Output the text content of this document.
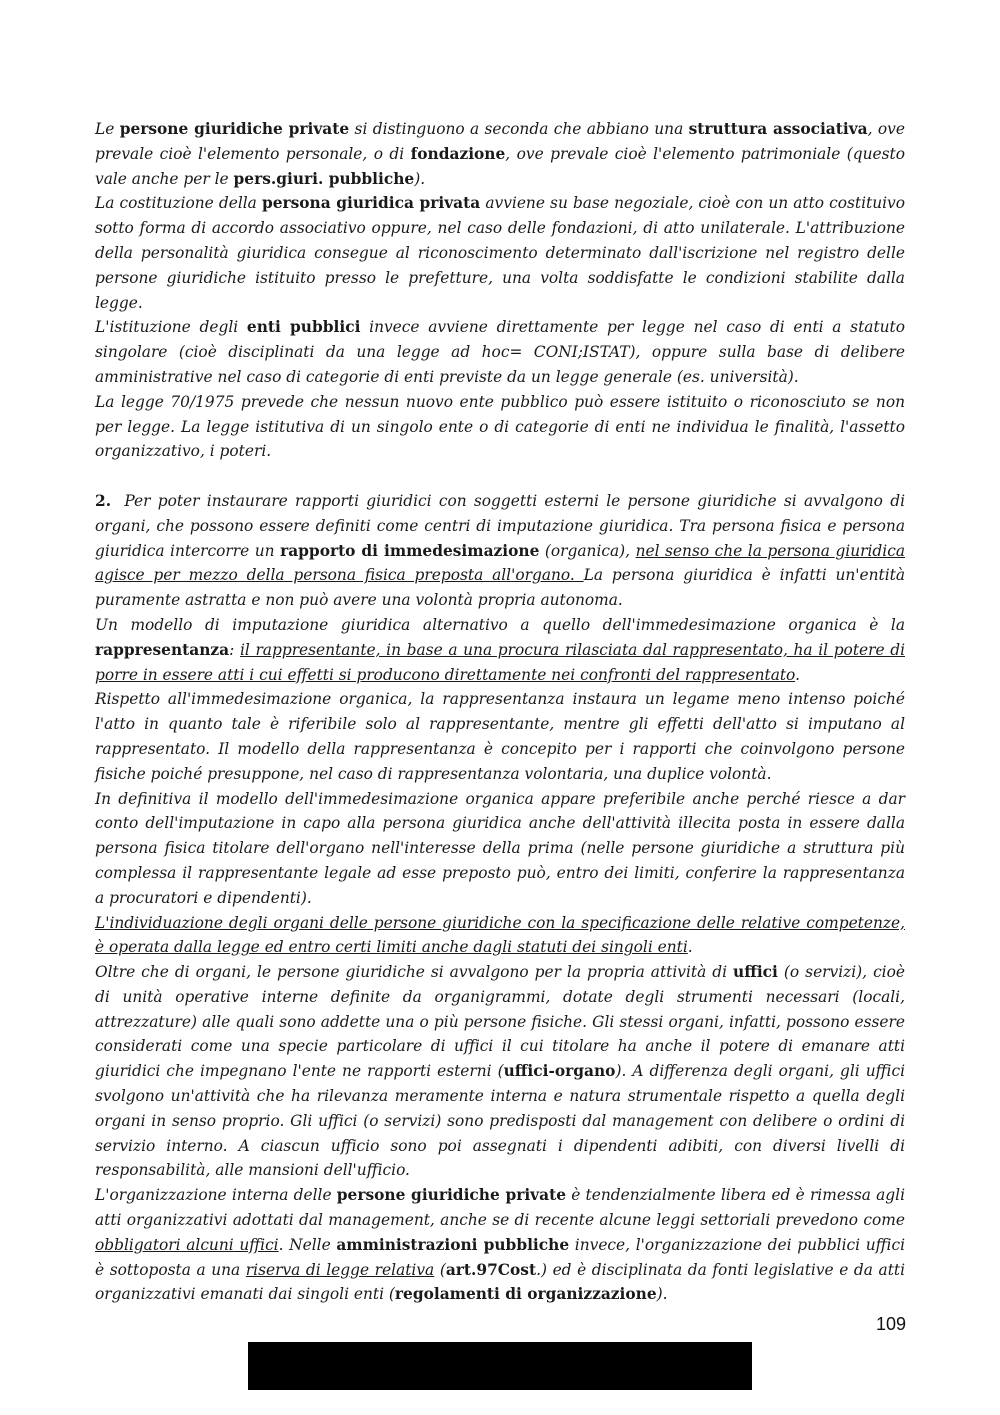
Le persone giuridiche private si distinguono a seconda che abbiano una struttura associativa, ove prevale cioè l'elemento personale, o di fondazione, ove prevale cioè l'elemento patrimoniale (questo vale anche per le pers.giuri. pubbliche).

La costituzione della persona giuridica privata avviene su base negoziale, cioè con un atto costituivo sotto forma di accordo associativo oppure, nel caso delle fondazioni, di atto unilaterale. L'attribuzione della personalità giuridica consegue al riconoscimento determinato dall'iscrizione nel registro delle persone giuridiche istituito presso le prefetture, una volta soddisfatte le condizioni stabilite dalla legge.

L'istituzione degli enti pubblici invece avviene direttamente per legge nel caso di enti a statuto singolare (cioè disciplinati da una legge ad hoc= CONI;ISTAT), oppure sulla base di delibere amministrative nel caso di categorie di enti previste da un legge generale (es. università).

La legge 70/1975 prevede che nessun nuovo ente pubblico può essere istituito o riconosciuto se non per legge. La legge istitutiva di un singolo ente o di categorie di enti ne individua le finalità, l'assetto organizzativo, i poteri.

2. Per poter instaurare rapporti giuridici con soggetti esterni le persone giuridiche si avvalgono di organi, che possono essere definiti come centri di imputazione giuridica. Tra persona fisica e persona giuridica intercorre un rapporto di immedesimazione (organica), nel senso che la persona giuridica agisce per mezzo della persona fisica preposta all'organo. La persona giuridica è infatti un'entità puramente astratta e non può avere una volontà propria autonoma.

Un modello di imputazione giuridica alternativo a quello dell'immedesimazione organica è la rappresentanza: il rappresentante, in base a una procura rilasciata dal rappresentato, ha il potere di porre in essere atti i cui effetti si producono direttamente nei confronti del rappresentato.

Rispetto all'immedesimazione organica, la rappresentanza instaura un legame meno intenso poiché l'atto in quanto tale è riferibile solo al rappresentante, mentre gli effetti dell'atto si imputano al rappresentato. Il modello della rappresentanza è concepito per i rapporti che coinvolgono persone fisiche poiché presuppone, nel caso di rappresentanza volontaria, una duplice volontà.

In definitiva il modello dell'immedesimazione organica appare preferibile anche perché riesce a dar conto dell'imputazione in capo alla persona giuridica anche dell'attività illecita posta in essere dalla persona fisica titolare dell'organo nell'interesse della prima (nelle persone giuridiche a struttura più complessa il rappresentante legale ad esse preposto può, entro dei limiti, conferire la rappresentanza a procuratori e dipendenti).

L'individuazione degli organi delle persone giuridiche con la specificazione delle relative competenze, è operata dalla legge ed entro certi limiti anche dagli statuti dei singoli enti.

Oltre che di organi, le persone giuridiche si avvalgono per la propria attività di uffici (o servizi), cioè di unità operative interne definite da organigrammi, dotate degli strumenti necessari (locali, attrezzature) alle quali sono addette una o più persone fisiche. Gli stessi organi, infatti, possono essere considerati come una specie particolare di uffici il cui titolare ha anche il potere di emanare atti giuridici che impegnano l'ente ne rapporti esterni (uffici-organo). A differenza degli organi, gli uffici svolgono un'attività che ha rilevanza meramente interna e natura strumentale rispetto a quella degli organi in senso proprio. Gli uffici (o servizi) sono predisposti dal management con delibere o ordini di servizio interno. A ciascun ufficio sono poi assegnati i dipendenti adibiti, con diversi livelli di responsabilità, alle mansioni dell'ufficio.

L'organizzazione interna delle persone giuridiche private è tendenzialmente libera ed è rimessa agli atti organizzativi adottati dal management, anche se di recente alcune leggi settoriali prevedono come obbligatori alcuni uffici. Nelle amministrazioni pubbliche invece, l'organizzazione dei pubblici uffici è sottoposta a una riserva di legge relativa (art.97Cost.) ed è disciplinata da fonti legislative e da atti organizzativi emanati dai singoli enti (regolamenti di organizzazione).

109
